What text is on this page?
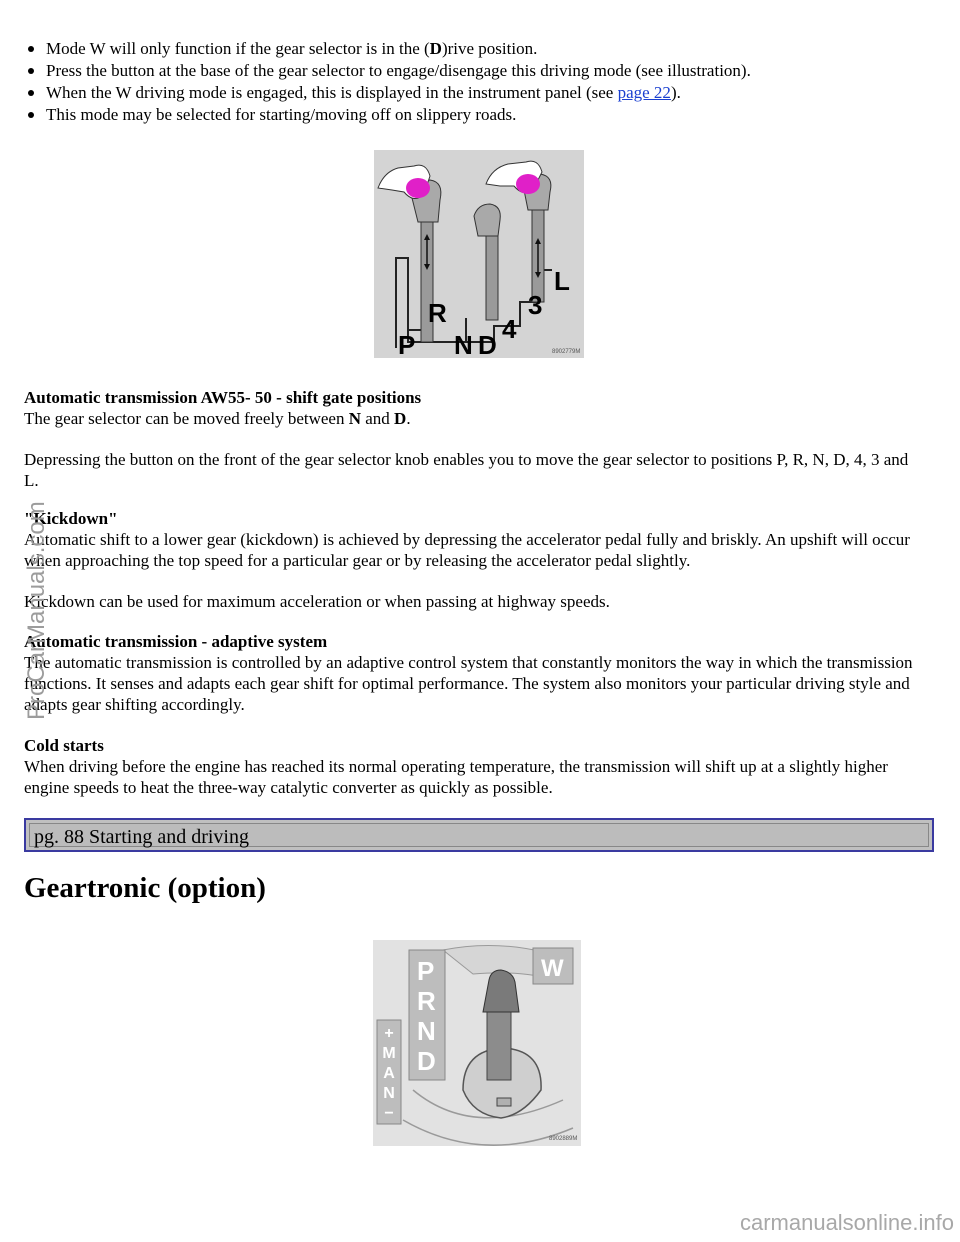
Mode W will only function if the gear selector is in the (D)rive position.
Press the button at the base of the gear selector to engage/disengage this driving mode (see illustration).
When the W driving mode is engaged, this is displayed in the instrument panel (see page 22).
This mode may be selected for starting/moving off on slippery roads.
P
R
N D
4
3
L
8902779M

Automatic transmission AW55- 50 - shift gate positions

The gear selector can be moved freely between N and D.

Depressing the button on the front of the gear selector knob enables you to move the gear selector to positions P, R, N, D, 4, 3 and L.

"Kickdown"

Automatic shift to a lower gear (kickdown) is achieved by depressing the accelerator pedal fully and briskly. An upshift will occur when approaching the top speed for a particular gear or by releasing the accelerator pedal slightly.

Kickdown can be used for maximum acceleration or when passing at highway speeds.

Automatic transmission - adaptive system

The automatic transmission is controlled by an adaptive control system that constantly monitors the way in which the transmission functions. It senses and adapts each gear shift for optimal performance. The system also monitors your particular driving style and adapts gear shifting accordingly.

Cold starts

When driving before the engine has reached its normal operating temperature, the transmission will shift up at a slightly higher engine speeds to heat the three-way catalytic converter as quickly as possible.

pg. 88 Starting and driving
Geartronic (option)
P
R
N
D
+
M
A
N
−
W
8902889M
ProCarManuals.com
carmanualsonline.info
